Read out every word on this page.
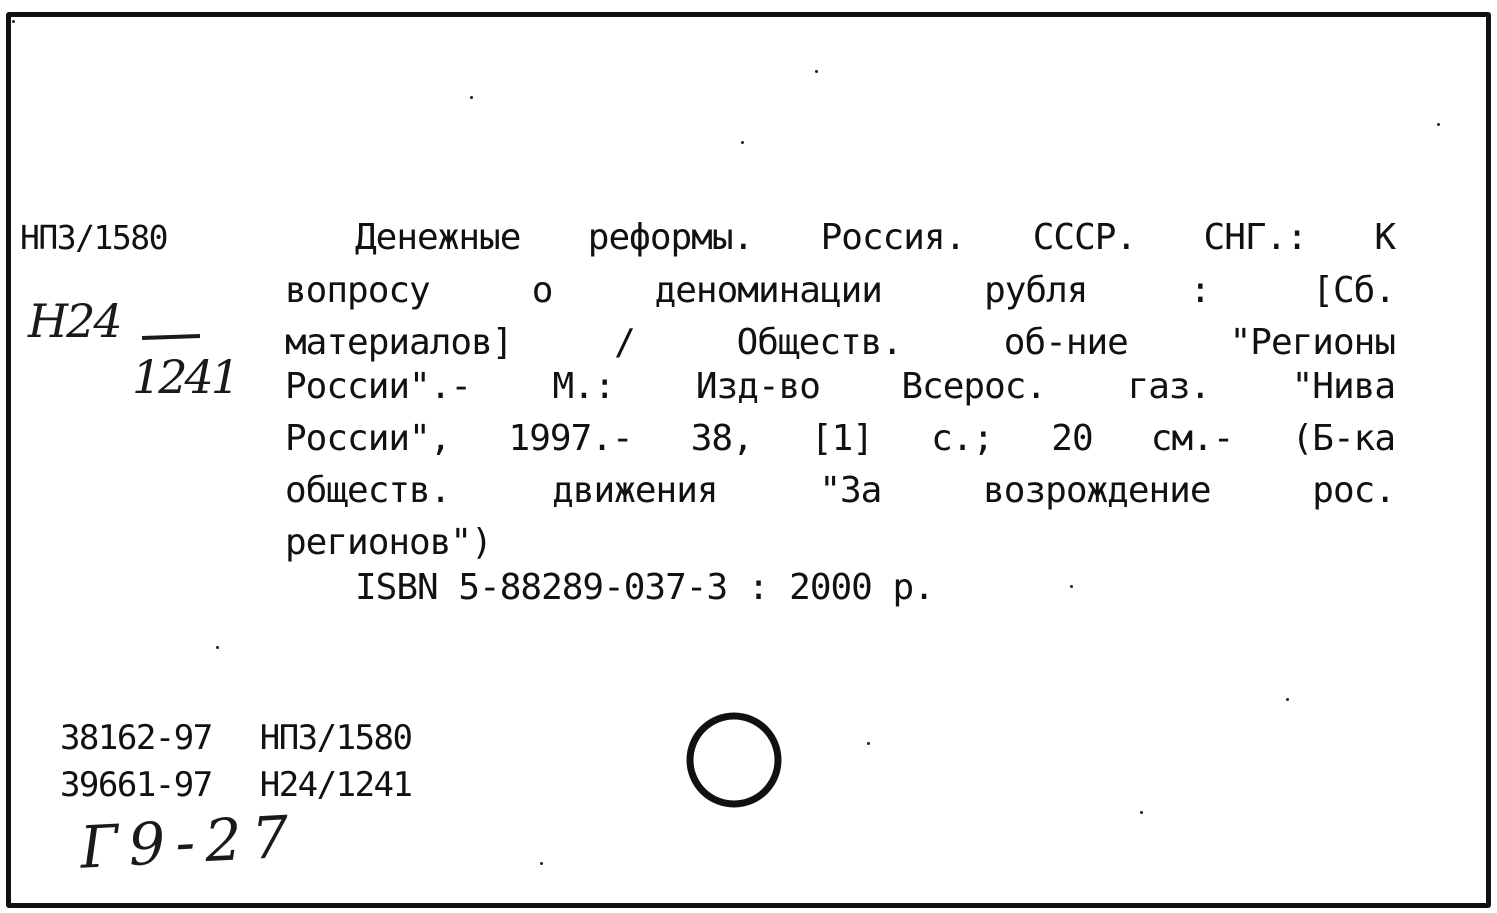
НПЗ/1580
Н24
1241
Денежные реформы. Россия. СССР. СНГ.: К
вопросу о деноминации рубля : [Сб.
материалов] / Обществ. об-ние "Регионы
России".- М.: Изд-во Всерос. газ. "Нива
России", 1997.- 38, [1] с.; 20 см.- (Б-ка
обществ. движения "За возрождение рос.
регионов")
ISBN 5-88289-037-3 : 2000 р.

38162-97 НПЗ/1580

39661-97 Н24/1241

Г9-27
